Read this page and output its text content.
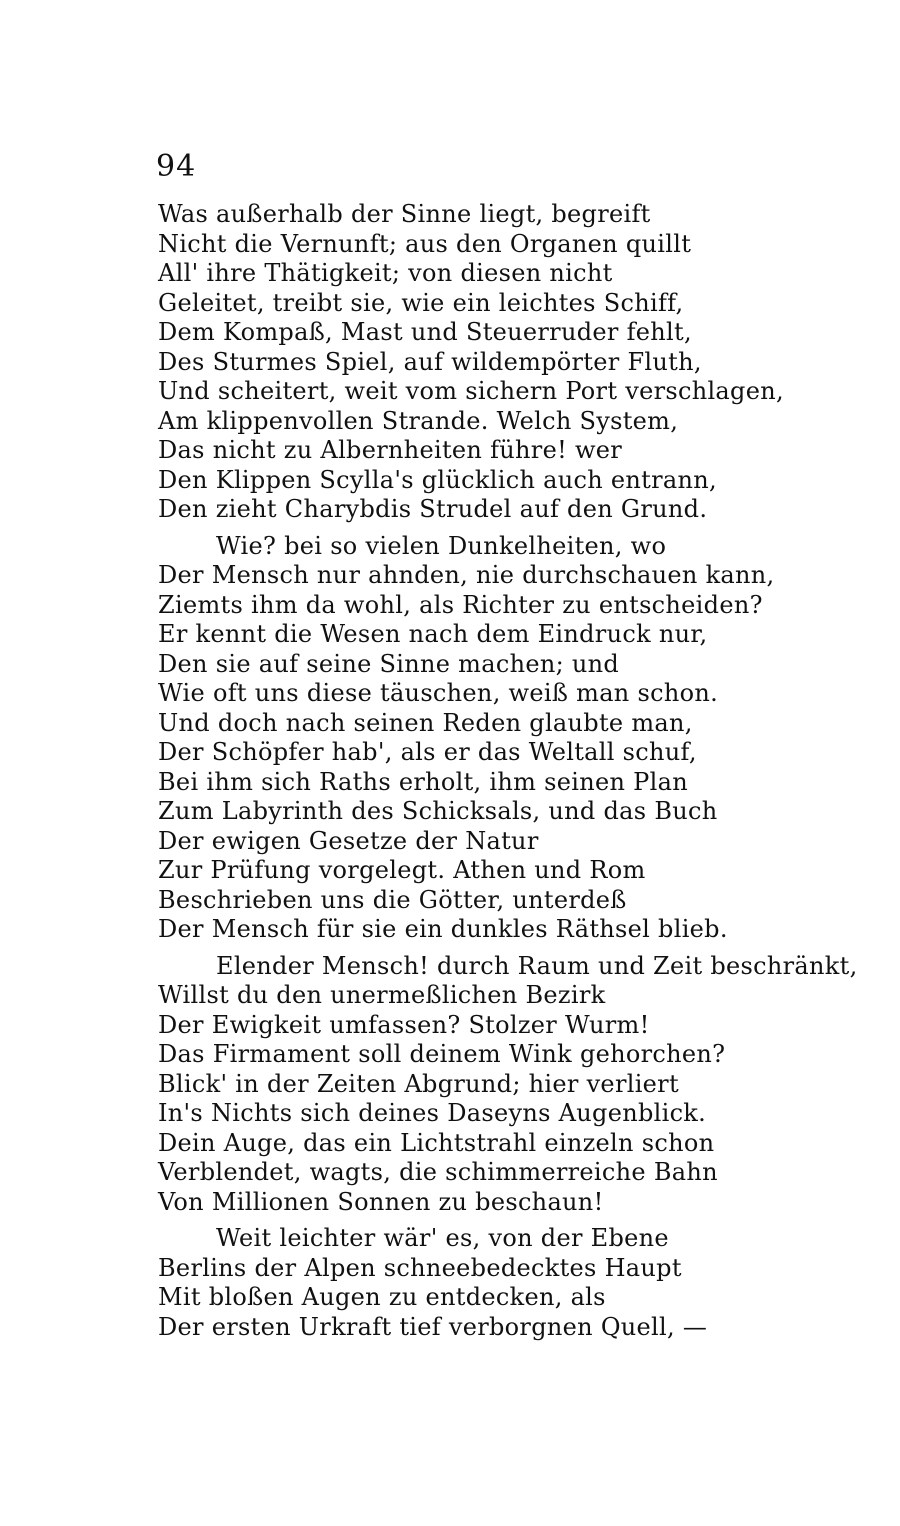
94
Was außerhalb der Sinne liegt, begreift
Nicht die Vernunft; aus den Organen quillt
All' ihre Thätigkeit; von diesen nicht
Geleitet, treibt sie, wie ein leichtes Schiff,
Dem Kompaß, Mast und Steuerruder fehlt,
Des Sturmes Spiel, auf wildempörter Fluth,
Und scheitert, weit vom sichern Port verschlagen,
Am klippenvollen Strande. Welch System,
Das nicht zu Albernheiten führe! wer
Den Klippen Scylla's glücklich auch entrann,
Den zieht Charybdis Strudel auf den Grund.
Wie? bei so vielen Dunkelheiten, wo
Der Mensch nur ahnden, nie durchschauen kann,
Ziemts ihm da wohl, als Richter zu entscheiden?
Er kennt die Wesen nach dem Eindruck nur,
Den sie auf seine Sinne machen; und
Wie oft uns diese täuschen, weiß man schon.
Und doch nach seinen Reden glaubte man,
Der Schöpfer hab', als er das Weltall schuf,
Bei ihm sich Raths erholt, ihm seinen Plan
Zum Labyrinth des Schicksals, und das Buch
Der ewigen Gesetze der Natur
Zur Prüfung vorgelegt. Athen und Rom
Beschrieben uns die Götter, unterdeß
Der Mensch für sie ein dunkles Räthsel blieb.
Elender Mensch! durch Raum und Zeit beschränkt,
Willst du den unermeßlichen Bezirk
Der Ewigkeit umfassen? Stolzer Wurm!
Das Firmament soll deinem Wink gehorchen?
Blick' in der Zeiten Abgrund; hier verliert
In's Nichts sich deines Daseyns Augenblick.
Dein Auge, das ein Lichtstrahl einzeln schon
Verblendet, wagts, die schimmerreiche Bahn
Von Millionen Sonnen zu beschaun!
Weit leichter wär' es, von der Ebene
Berlins der Alpen schneebedecktes Haupt
Mit bloßen Augen zu entdecken, als
Der ersten Urkraft tief verborgnen Quell, —
